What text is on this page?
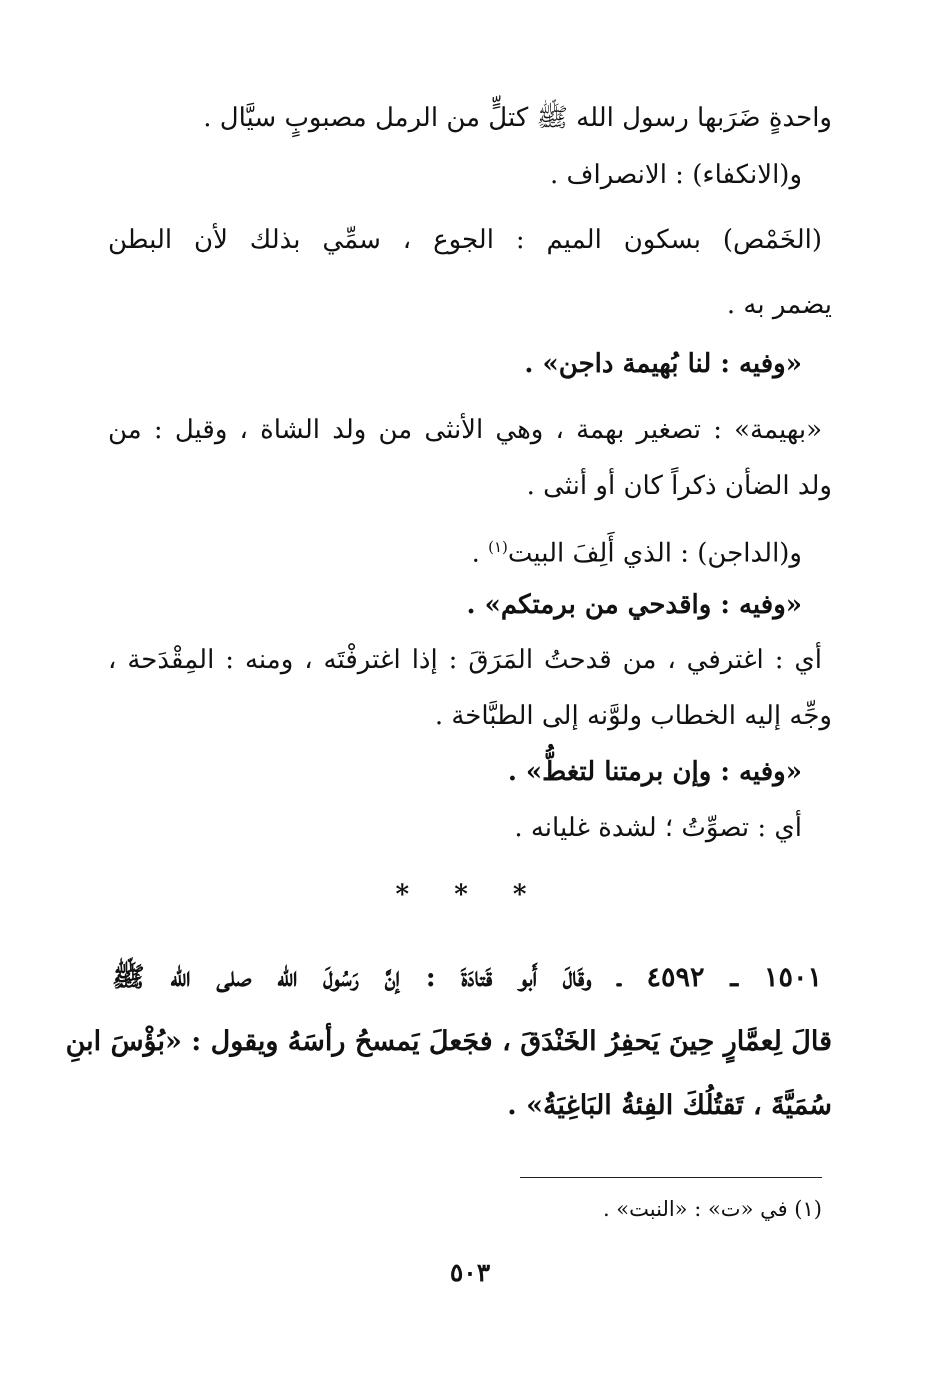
واحدةٍ ضَرَبها رسول الله ﷺ كتلٍّ من الرمل مصبوبٍ سيَّال .
و(الانكفاء) : الانصراف .
(الخَمْص) بسكون الميم : الجوع ، سمِّي بذلك لأن البطن
يضمر به .
«وفيه : لنا بُهيمة داجن» .
«بهيمة» : تصغير بهمة ، وهي الأنثى من ولد الشاة ، وقيل : من
ولد الضأن ذكراً كان أو أنثى .
و(الداجن) : الذي أَلِفَ البيت$^{(١)}$ .
«وفيه : واقدحي من برمتكم» .
أي : اغترفي ، من قدحتُ المَرَقَ : إذا اغترفْتَه ، ومنه : المِقْدَحة ،
وجِّه إليه الخطاب ولوَّنه إلى الطبَّاخة .
«وفيه : وإن برمتنا لتغطُّ» .
أي : تصوِّتُ ؛ لشدة غليانه .
* * *
١٥٠١ ـ ٤٥٩٢ ـ وقَالَ أَبو قَتادَةَ : إنَّ رَسُولَ الله صلى الله ﷺ
قالَ لِعمَّارٍ حِينَ يَحفِرُ الخَنْدَقَ ، فجَعلَ يَمسحُ رأسَهُ ويقول : «بُؤْسَ ابنِ
سُمَيَّةَ ، تَقتُلُكَ الفِئةُ البَاغِيَةُ» .
(١) في «ت» : «النبت» .
٥٠٣
